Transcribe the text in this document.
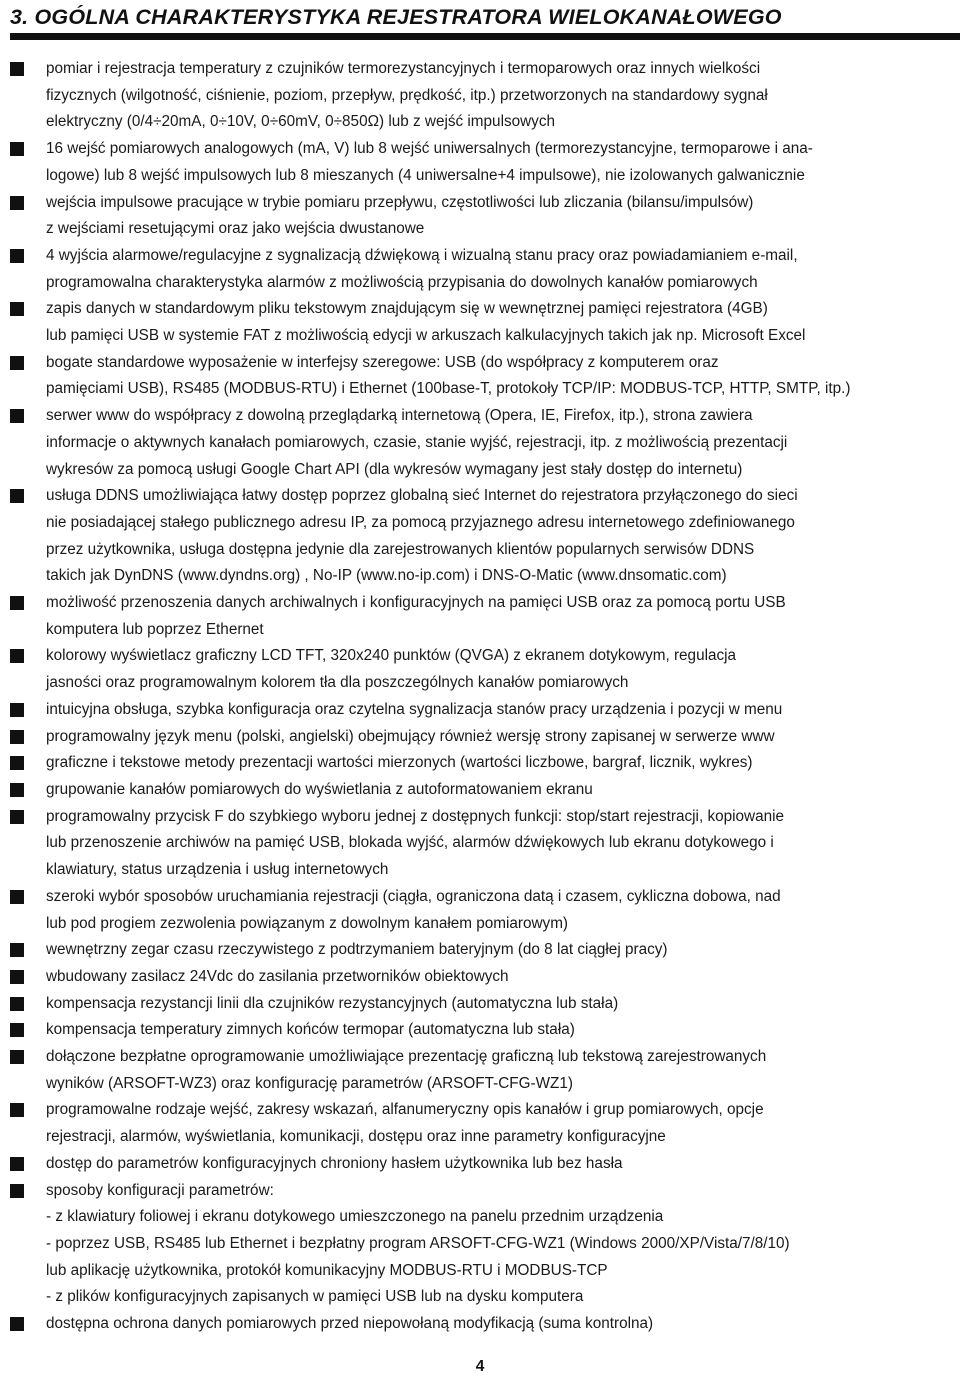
3. OGÓLNA CHARAKTERYSTYKA REJESTRATORA WIELOKANAŁOWEGO
pomiar i rejestracja temperatury z czujników termorezystancyjnych i termoparowych oraz innych wielkości
fizycznych (wilgotność, ciśnienie, poziom, przepływ, prędkość, itp.) przetworzonych na standardowy sygnał
elektryczny (0/4÷20mA, 0÷10V, 0÷60mV, 0÷850Ω) lub z wejść impulsowych
16 wejść pomiarowych analogowych (mA, V) lub 8 wejść uniwersalnych (termorezystancyjne, termoparowe i ana-
logowe) lub 8 wejść impulsowych lub 8 mieszanych (4 uniwersalne+4 impulsowe), nie izolowanych galwanicznie
wejścia impulsowe pracujące w trybie pomiaru przepływu, częstotliwości lub zliczania (bilansu/impulsów)
z wejściami resetującymi oraz jako wejścia dwustanowe
4 wyjścia alarmowe/regulacyjne z sygnalizacją dźwiękową i wizualną stanu pracy oraz powiadamianiem e-mail,
programowalna charakterystyka alarmów z możliwością przypisania do dowolnych kanałów pomiarowych
zapis danych w standardowym pliku tekstowym znajdującym się w wewnętrznej pamięci rejestratora (4GB)
lub pamięci USB w systemie FAT z możliwością edycji w arkuszach kalkulacyjnych takich jak np. Microsoft Excel
bogate standardowe wyposażenie w interfejsy szeregowe: USB (do współpracy z komputerem oraz
pamięciami USB), RS485 (MODBUS-RTU) i Ethernet (100base-T, protokoły TCP/IP: MODBUS-TCP, HTTP, SMTP, itp.)
serwer www do współpracy z dowolną przeglądarką internetową (Opera, IE, Firefox, itp.), strona zawiera
informacje o aktywnych kanałach pomiarowych, czasie, stanie wyjść, rejestracji, itp. z możliwością prezentacji
wykresów za pomocą usługi Google Chart API (dla wykresów wymagany jest stały dostęp do internetu)
usługa DDNS umożliwiająca łatwy dostęp poprzez globalną sieć Internet do rejestratora przyłączonego do sieci
nie posiadającej stałego publicznego adresu IP, za pomocą przyjaznego adresu internetowego zdefiniowanego
przez użytkownika, usługa dostępna jedynie dla zarejestrowanych klientów popularnych serwisów DDNS
takich jak DynDNS (www.dyndns.org) , No-IP (www.no-ip.com) i DNS-O-Matic (www.dnsomatic.com)
możliwość przenoszenia danych archiwalnych i konfiguracyjnych na pamięci USB oraz za pomocą portu USB
komputera lub poprzez Ethernet
kolorowy wyświetlacz graficzny LCD TFT, 320x240 punktów (QVGA) z ekranem dotykowym, regulacja
jasności oraz programowalnym kolorem tła dla poszczególnych kanałów pomiarowych
intuicyjna obsługa, szybka konfiguracja oraz czytelna sygnalizacja stanów pracy urządzenia i pozycji w menu
programowalny język menu (polski, angielski) obejmujący również wersję strony zapisanej w serwerze www
graficzne i tekstowe metody prezentacji wartości mierzonych (wartości liczbowe, bargraf, licznik, wykres)
grupowanie kanałów pomiarowych do wyświetlania z autoformatowaniem ekranu
programowalny przycisk F do szybkiego wyboru jednej z dostępnych funkcji: stop/start rejestracji, kopiowanie
lub przenoszenie archiwów na pamięć USB, blokada wyjść, alarmów dźwiękowych lub ekranu dotykowego i
klawiatury, status urządzenia i usług internetowych
szeroki wybór sposobów uruchamiania rejestracji (ciągła, ograniczona datą i czasem, cykliczna dobowa, nad
lub pod progiem zezwolenia powiązanym z dowolnym kanałem pomiarowym)
wewnętrzny zegar czasu rzeczywistego z podtrzymaniem bateryjnym (do 8 lat ciągłej pracy)
wbudowany zasilacz 24Vdc do zasilania przetworników obiektowych
kompensacja rezystancji linii dla czujników rezystancyjnych (automatyczna lub stała)
kompensacja temperatury zimnych końców termopar (automatyczna lub stała)
dołączone bezpłatne oprogramowanie umożliwiające prezentację graficzną lub tekstową zarejestrowanych
wyników (ARSOFT-WZ3) oraz konfigurację parametrów (ARSOFT-CFG-WZ1)
programowalne rodzaje wejść, zakresy wskazań, alfanumeryczny opis kanałów i grup pomiarowych, opcje
rejestracji, alarmów, wyświetlania, komunikacji, dostępu oraz inne parametry konfiguracyjne
dostęp do parametrów konfiguracyjnych chroniony hasłem użytkownika lub bez hasła
sposoby konfiguracji parametrów:
- z klawiatury foliowej i ekranu dotykowego umieszczonego na panelu przednim urządzenia
- poprzez USB, RS485 lub Ethernet i bezpłatny program ARSOFT-CFG-WZ1 (Windows 2000/XP/Vista/7/8/10)
lub aplikację użytkownika, protokół komunikacyjny MODBUS-RTU i MODBUS-TCP
- z plików konfiguracyjnych zapisanych w pamięci USB lub na dysku komputera
dostępna ochrona danych pomiarowych przed niepowołaną modyfikacją (suma kontrolna)
4
